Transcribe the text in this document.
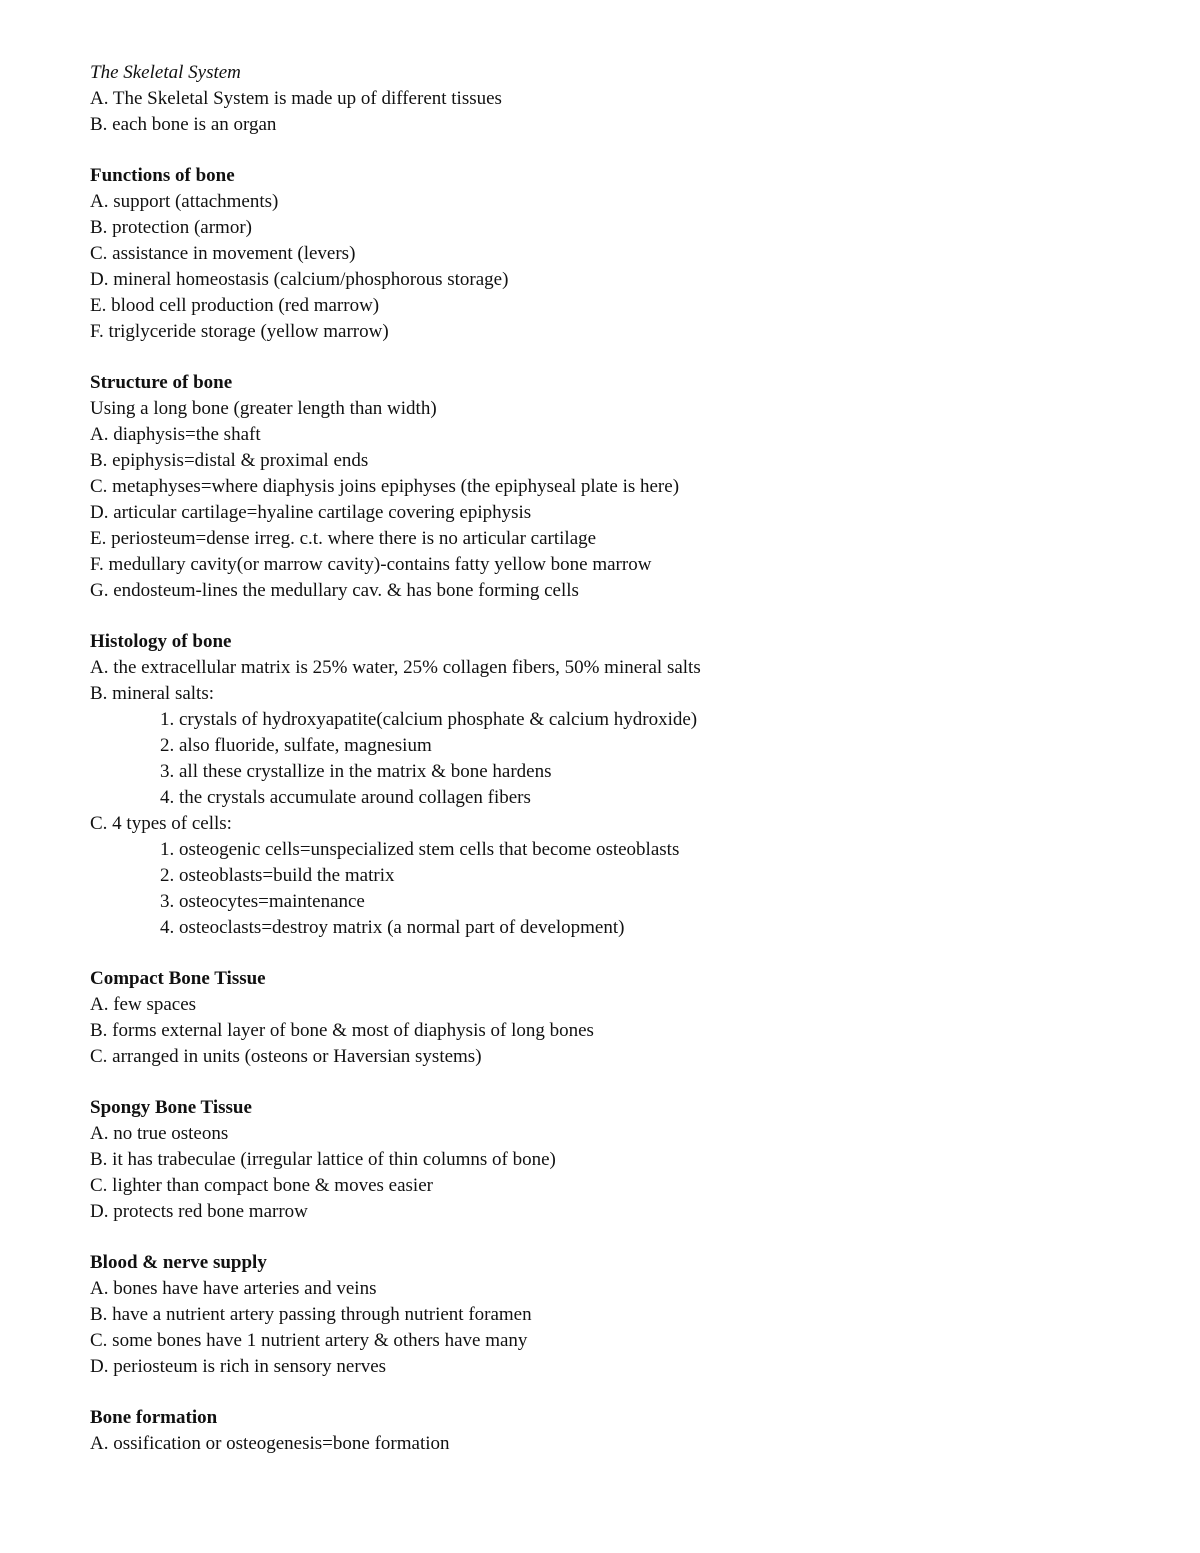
The Skeletal System
A. The Skeletal System is made up of different tissues
B. each bone is an organ
Functions of bone
A. support (attachments)
B. protection (armor)
C. assistance in movement (levers)
D. mineral homeostasis (calcium/phosphorous storage)
E. blood cell production (red marrow)
F. triglyceride storage (yellow marrow)
Structure of bone
Using a long bone (greater length than width)
A. diaphysis=the shaft
B. epiphysis=distal & proximal ends
C. metaphyses=where diaphysis joins epiphyses (the epiphyseal plate is here)
D. articular cartilage=hyaline cartilage covering epiphysis
E. periosteum=dense irreg. c.t. where there is no articular cartilage
F. medullary cavity(or marrow cavity)-contains fatty yellow bone marrow
G. endosteum-lines the medullary cav. & has bone forming cells
Histology of bone
A. the extracellular matrix is 25% water, 25% collagen fibers, 50% mineral salts
B. mineral salts:
1. crystals of hydroxyapatite(calcium phosphate & calcium hydroxide)
2. also fluoride, sulfate, magnesium
3. all these crystallize in the matrix & bone hardens
4. the crystals accumulate around collagen fibers
C. 4 types of cells:
1. osteogenic cells=unspecialized stem cells that become osteoblasts
2. osteoblasts=build the matrix
3. osteocytes=maintenance
4. osteoclasts=destroy matrix (a normal part of development)
Compact Bone Tissue
A. few spaces
B. forms external layer of bone & most of diaphysis of long bones
C. arranged in units (osteons or Haversian systems)
Spongy Bone Tissue
A. no true osteons
B. it has trabeculae (irregular lattice of thin columns of bone)
C. lighter than compact bone & moves easier
D. protects red bone marrow
Blood & nerve supply
A. bones have have arteries and veins
B. have a nutrient artery passing through nutrient foramen
C. some bones have 1 nutrient artery & others have many
D. periosteum is rich in sensory nerves
Bone formation
A. ossification or osteogenesis=bone formation
